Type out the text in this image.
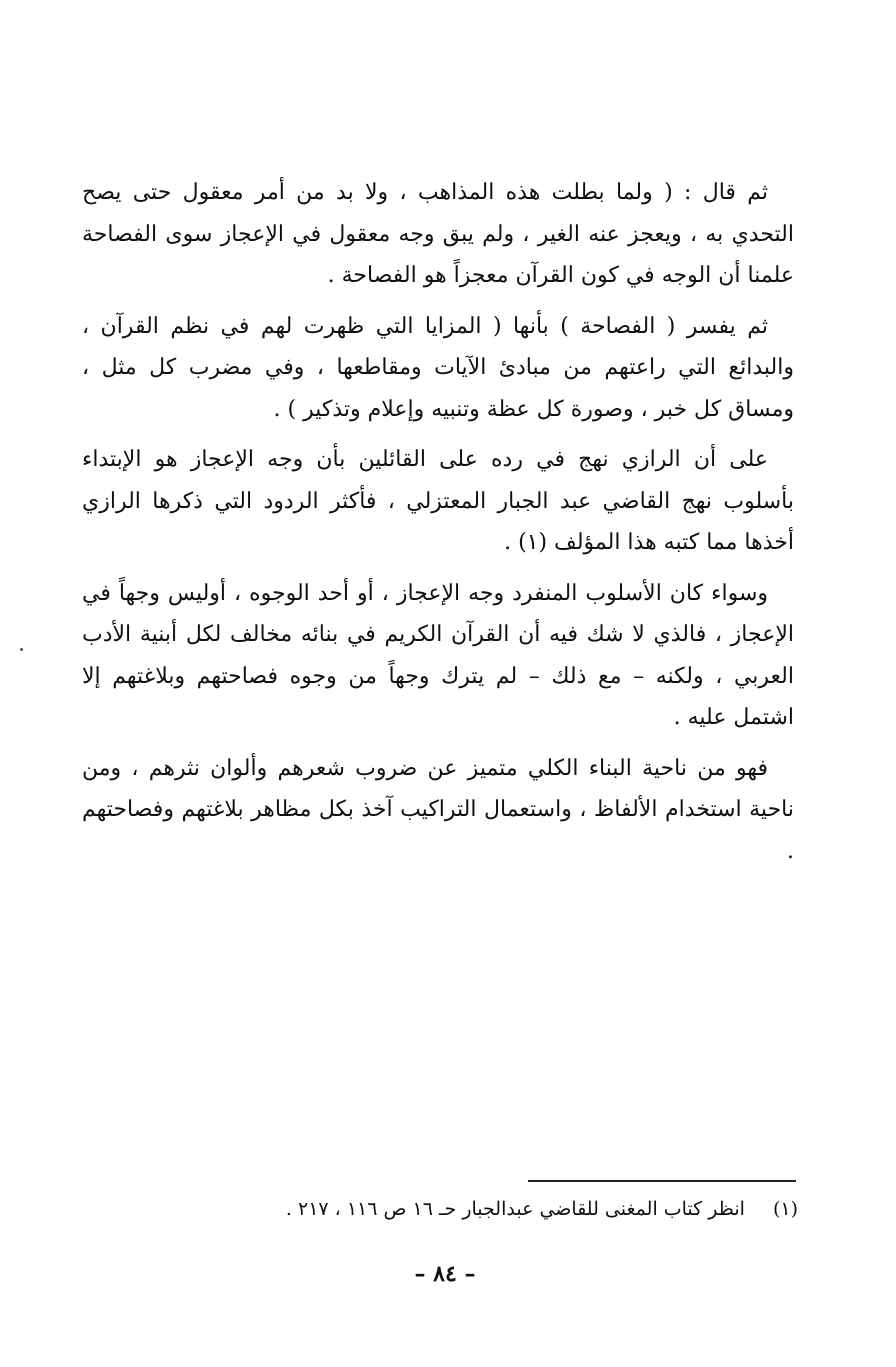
ثم قال : ( ولما بطلت هذه المذاهب ، ولا بد من أمر معقول حتى يصح التحدي به ، ويعجز عنه الغير ، ولم يبق وجه معقول في الإعجاز سوى الفصاحة علمنا أن الوجه في كون القرآن معجزاً هو الفصاحة .

ثم يفسر ( الفصاحة ) بأنها ( المزايا التي ظهرت لهم في نظم القرآن ، والبدائع التي راعتهم من مبادئ الآيات ومقاطعها ، وفي مضرب كل مثل ، ومساق كل خبر ، وصورة كل عظة وتنبيه وإعلام وتذكير ) .

على أن الرازي نهج في رده على القائلين بأن وجه الإعجاز هو الإبتداء بأسلوب نهج القاضي عبد الجبار المعتزلي ، فأكثر الردود التي ذكرها الرازي أخذها مما كتبه هذا المؤلف (١) .

وسواء كان الأسلوب المنفرد وجه الإعجاز ، أو أحد الوجوه ، أوليس وجهاً في الإعجاز ، فالذي لا شك فيه أن القرآن الكريم في بنائه مخالف لكل أبنية الأدب العربي ، ولكنه – مع ذلك – لم يترك وجهاً من وجوه فصاحتهم وبلاغتهم إلا اشتمل عليه .

فهو من ناحية البناء الكلي متميز عن ضروب شعرهم وألوان نثرهم ، ومن ناحية استخدام الألفاظ ، واستعمال التراكيب آخذ بكل مظاهر بلاغتهم وفصاحتهم .

(١) انظر كتاب المغنى للقاضي عبدالجبار حـ ١٦ ص ١١٦ ، ٢١٧ .
– ٨٤ –
